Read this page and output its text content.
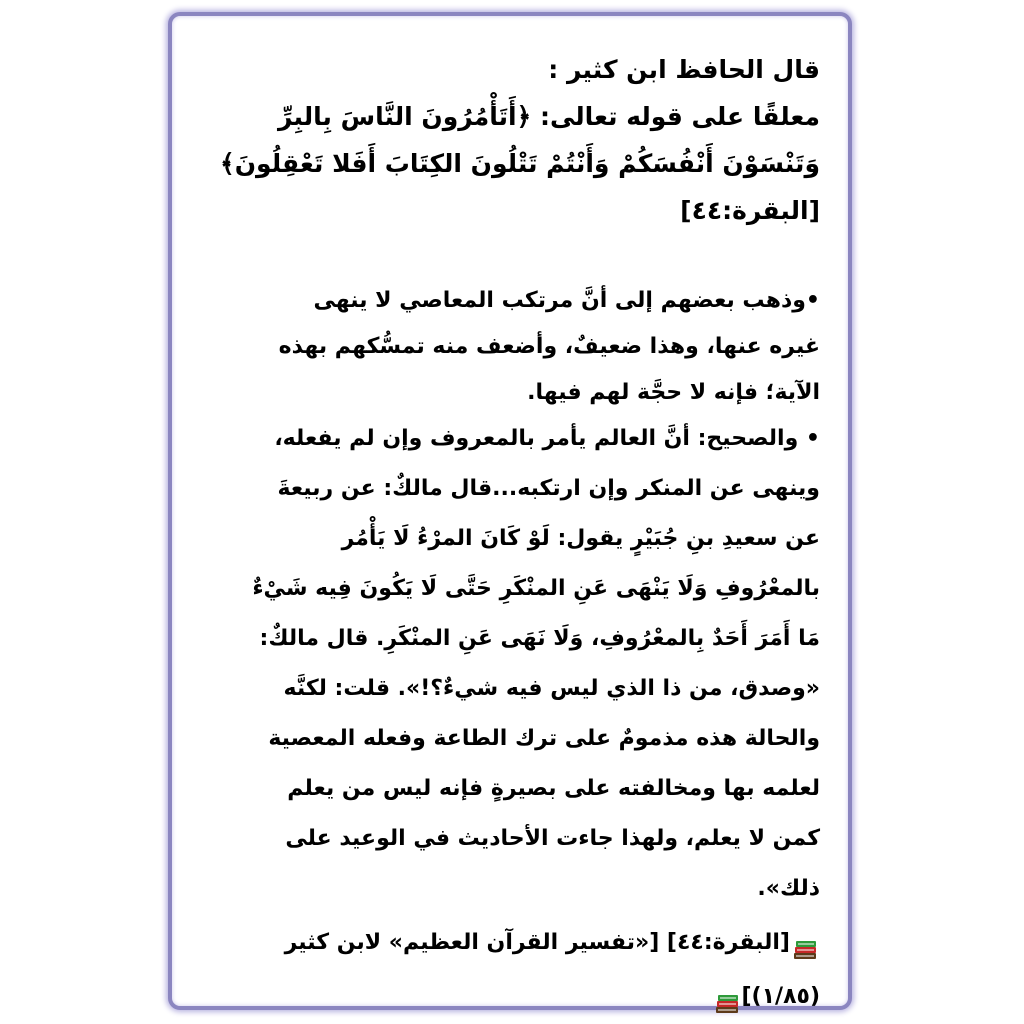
قال الحافظ ابن كثير :
معلقًا على قوله تعالى: ﴿أَتَأْمُرُونَ النَّاسَ بِالبِرِّ
وَتَنْسَوْنَ أَنْفُسَكُمْ وَأَنْتُمْ تَتْلُونَ الكِتَابَ أَفَلا تَعْقِلُونَ﴾
[البقرة:٤٤]
•وذهب بعضهم إلى أنَّ مرتكب المعاصي لا ينهى
غيره عنها، وهذا ضعيفٌ، وأضعف منه تمسُّكهم بهذه
الآية؛ فإنه لا حجَّة لهم فيها.
• والصحيح: أنَّ العالم يأمر بالمعروف وإن لم يفعله،
وينهى عن المنكر وإن ارتكبه...قال مالكٌ: عن ربيعةَ
عن سعيدِ بنِ جُبَيْرٍ يقول: لَوْ كَانَ المرْءُ لَا يَأْمُر
بالمعْرُوفِ وَلَا يَنْهَى عَنِ المنْكَرِ حَتَّى لَا يَكُونَ فِيه شَيْءٌ
مَا أَمَرَ أَحَدٌ بِالمعْرُوفِ، وَلَا نَهَى عَنِ المنْكَرِ. قال مالكٌ:
«وصدق، من ذا الذي ليس فيه شيءٌ؟!». قلت: لكنَّه
والحالة هذه مذمومٌ على ترك الطاعة وفعله المعصية
لعلمه بها ومخالفته على بصيرةٍ فإنه ليس من يعلم
كمن لا يعلم، ولهذا جاءت الأحاديث في الوعيد على
ذلك».
[البقرة:٤٤] [«تفسير القرآن العظيم» لابن كثير
(١/٨٥)]
